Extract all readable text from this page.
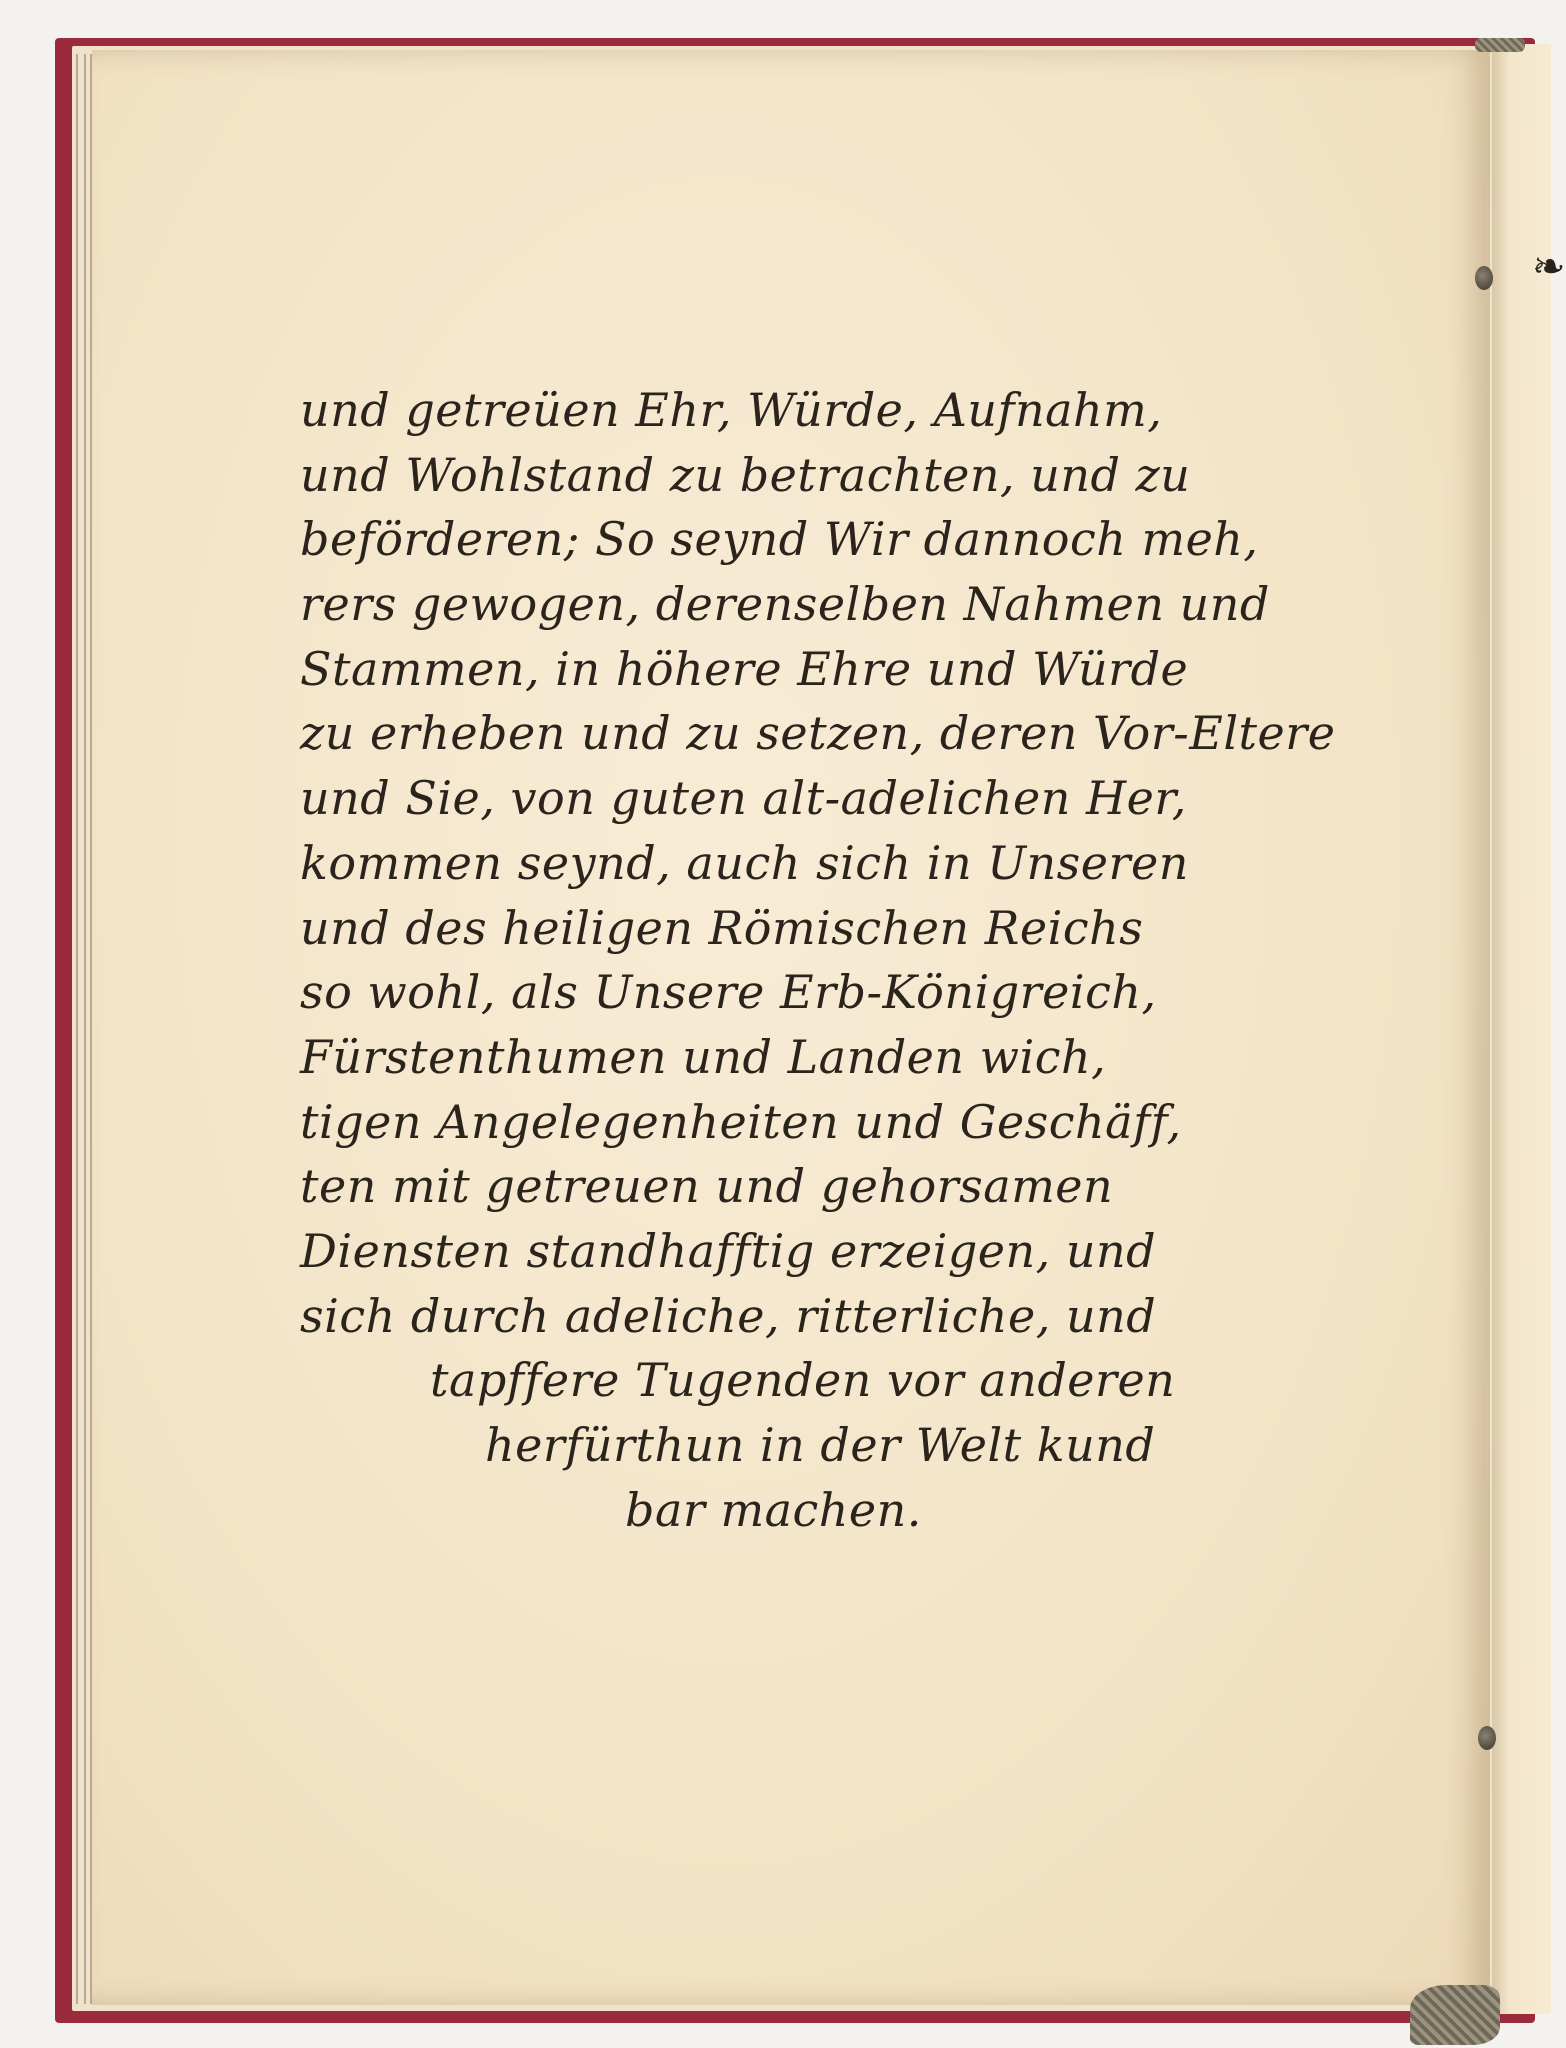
❧
und getreüen Ehr, Würde, Aufnahm,
und Wohlstand zu betrachten, und zu
beförderen; So seynd Wir dannoch meh,
rers gewogen, derenselben Nahmen und
Stammen, in höhere Ehre und Würde
zu erheben und zu setzen, deren Vor-Eltere
und Sie, von guten alt-adelichen Her,
kommen seynd, auch sich in Unseren
und des heiligen Römischen Reichs
so wohl, als Unsere Erb-Königreich,
Fürstenthumen und Landen wich,
tigen Angelegenheiten und Geschäff,
ten mit getreuen und gehorsamen
Diensten standhafftig erzeigen, und
sich durch adeliche, ritterliche, und
tapffere Tugenden vor anderen
herfürthun in der Welt kund
bar machen.
